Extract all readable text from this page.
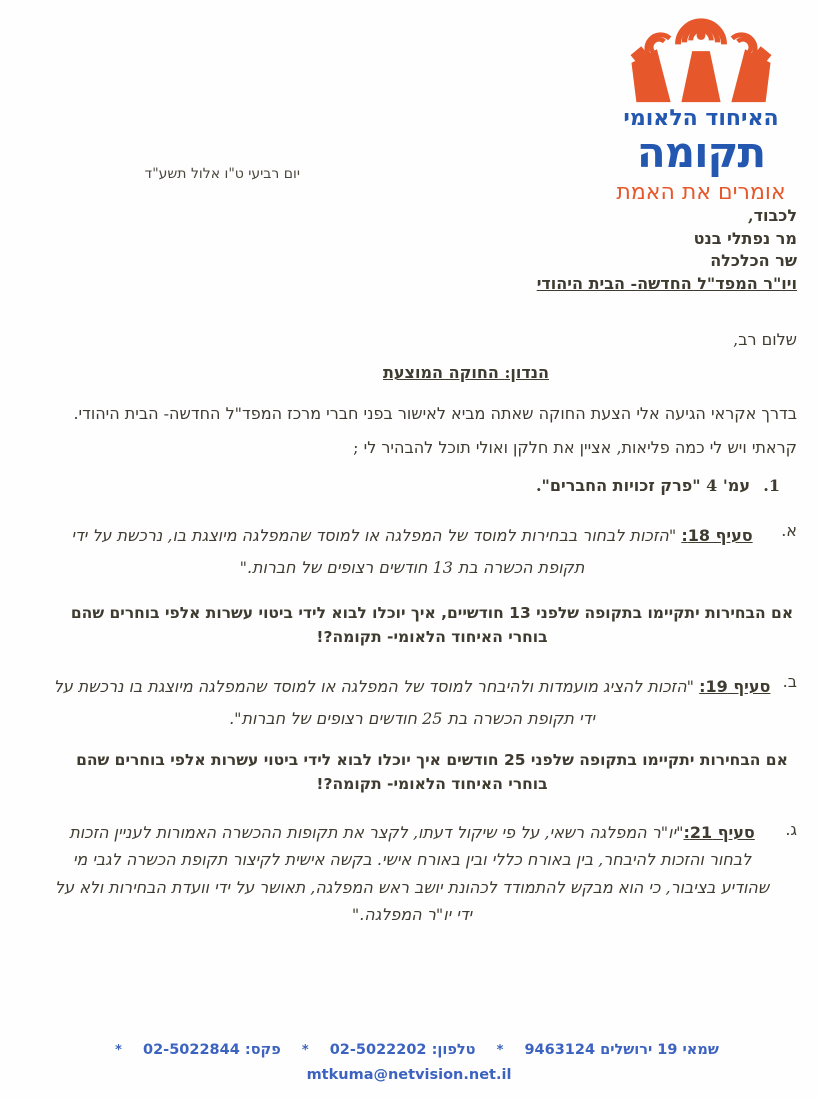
האיחוד הלאומי
תקומה
אומרים את האמת
יום רביעי ט"ו אלול תשע"ד
לכבוד,
מר נפתלי בנט
שר הכלכלה
ויו"ר המפד"ל החדשה- הבית היהודי
שלום רב,
הנדון: החוקה המוצעת
בדרך אקראי הגיעה אלי הצעת החוקה שאתה מביא לאישור בפני חברי מרכז המפד"ל החדשה- הבית היהודי.
קראתי ויש לי כמה פליאות, אציין את חלקן ואולי תוכל להבהיר לי ;
1.
עמ' 4 "פרק זכויות החברים".
א.
סעיף 18: "הזכות לבחור בבחירות למוסד של המפלגה או למוסד שהמפלגה מיוצגת בו, נרכשת על ידי תקופת הכשרה בת 13 חודשים רצופים של חברות."
אם הבחירות יתקיימו בתקופה שלפני 13 חודשיים, איך יוכלו לבוא לידי ביטוי עשרות אלפי בוחרים שהם בוחרי האיחוד הלאומי- תקומה?!
ב.
סעיף 19: "הזכות להציג מועמדות ולהיבחר למוסד של המפלגה או למוסד שהמפלגה מיוצגת בו נרכשת על ידי תקופת הכשרה בת 25 חודשים רצופים של חברות".
אם הבחירות יתקיימו בתקופה שלפני 25 חודשים איך יוכלו לבוא לידי ביטוי עשרות אלפי בוחרים שהם בוחרי האיחוד הלאומי- תקומה?!
ג.
סעיף 21:"יו"ר המפלגה רשאי, על פי שיקול דעתו, לקצר את תקופות ההכשרה האמורות לעניין הזכות לבחור והזכות להיבחר, בין באורח כללי ובין באורח אישי. בקשה אישית לקיצור תקופת הכשרה לגבי מי שהודיע בציבור, כי הוא מבקש להתמודד לכהונת יושב ראש המפלגה, תאושר על ידי וועדת הבחירות ולא על ידי יו"ר המפלגה."
שמאי 19 ירושלים 9463124 * טלפון: 02-5022202 * פקס: 02-5022844 *
mtkuma@netvision.net.il
